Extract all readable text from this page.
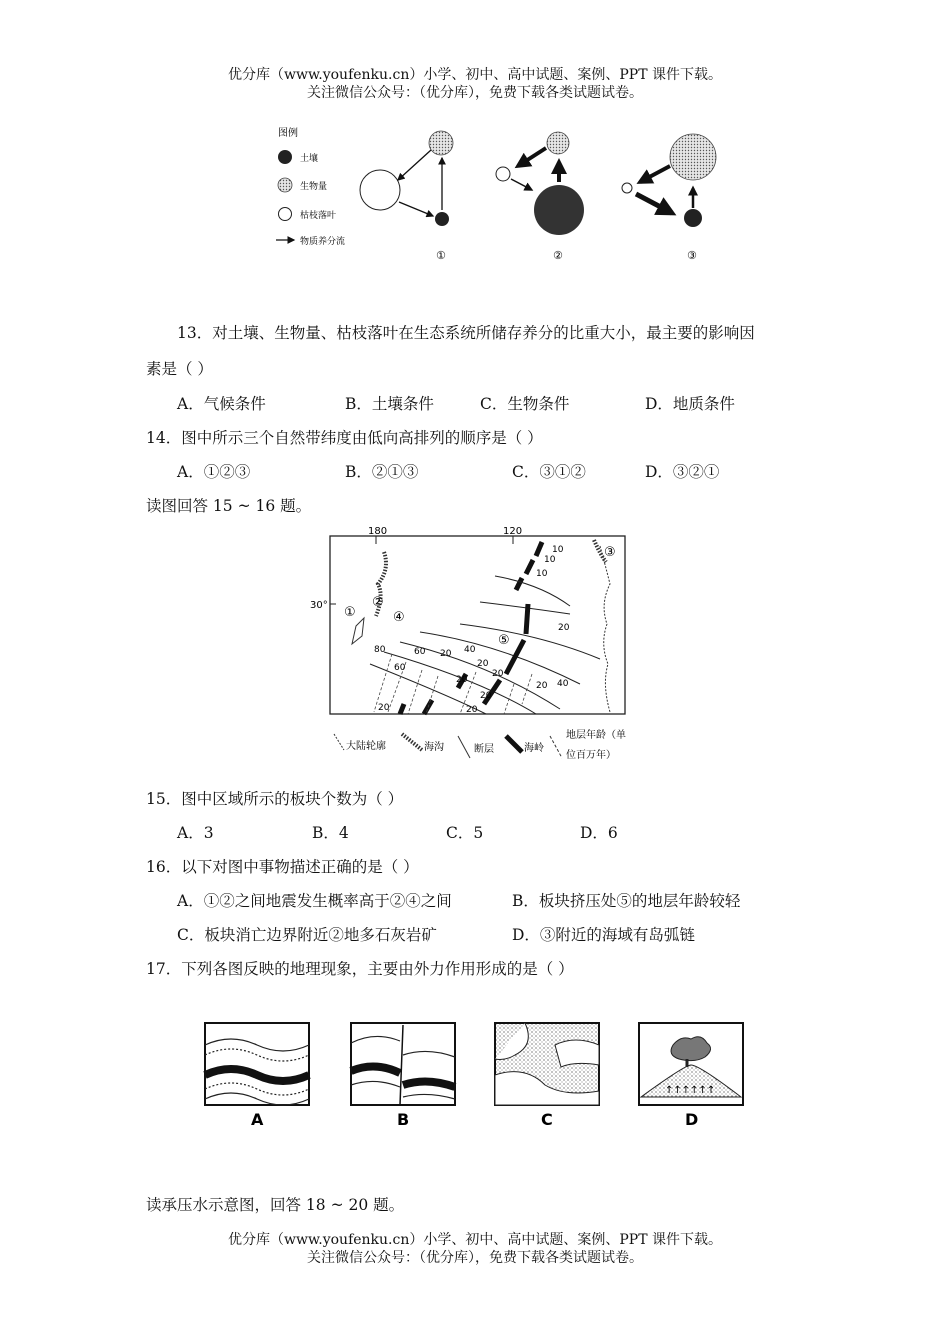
优分库（www.youfenku.cn）小学、初中、高中试题、案例、PPT 课件下载。
关注微信公众号：（优分库），免费下载各类试题试卷。
图例
土壤
生物量
枯枝落叶
物质养分流
①	②	③
13．对土壤、生物量、枯枝落叶在生态系统所储存养分的比重大小，最主要的影响因
素是（ ）
A．气候条件	B．土壤条件	C．生物条件	D．地质条件
14．图中所示三个自然带纬度由低向高排列的顺序是（ ）
A．①②③	B．②①③	C．③①②	D．③②①
读图回答 15 ~ 16 题。
180	120
30°
10
10
10
20
20
20
20
20
20
20
20
40
40
60
60
80
20
①
②
③
④
⑤
大陆轮廓	海沟	断层	海岭
地层年龄（单
位百万年）
15．图中区域所示的板块个数为（ ）
A．3	B．4	C．5	D．6
16．以下对图中事物描述正确的是（ ）
A．①②之间地震发生概率高于②④之间	B．板块挤压处⑤的地层年龄较轻
C．板块消亡边界附近②地多石灰岩矿	D．③附近的海域有岛弧链
17．下列各图反映的地理现象，主要由外力作用形成的是（ ）
A	B	C
↑↑↑↑↑↑
D
读承压水示意图，回答 18 ~ 20 题。
优分库（www.youfenku.cn）小学、初中、高中试题、案例、PPT 课件下载。
关注微信公众号：（优分库），免费下载各类试题试卷。
